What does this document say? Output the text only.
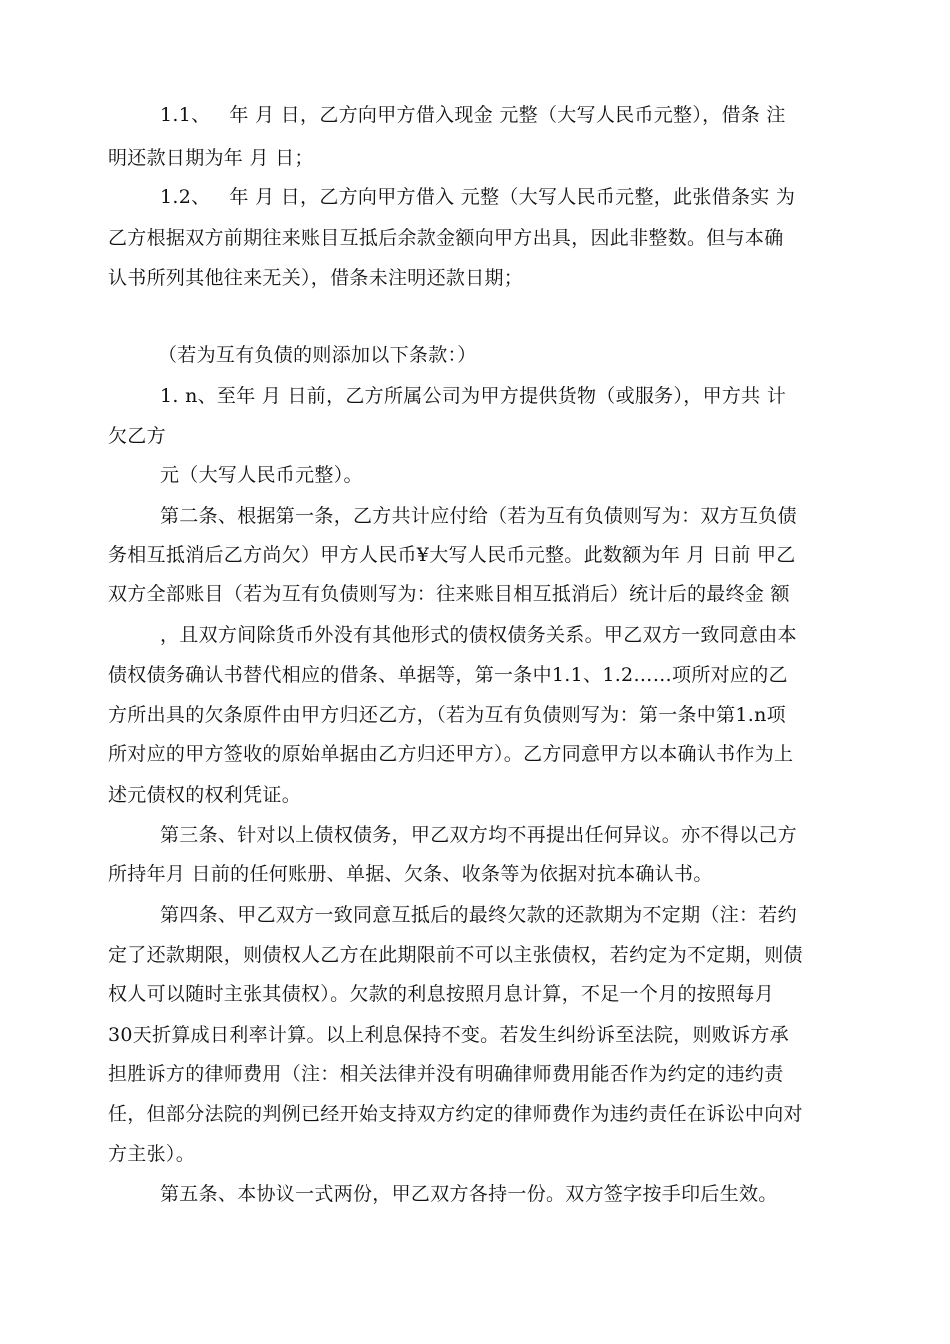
1.1、   年 月 日，乙方向甲方借入现金 元整（大写人民币元整），借条 注
明还款日期为年 月 日；
1.2、   年 月 日，乙方向甲方借入 元整（大写人民币元整，此张借条实 为
乙方根据双方前期往来账目互抵后余款金额向甲方出具，因此非整数。但与本确
认书所列其他往来无关），借条未注明还款日期；
（若为互有负债的则添加以下条款：）
1. n、至年 月 日前，乙方所属公司为甲方提供货物（或服务），甲方共 计
欠乙方
元（大写人民币元整）。
第二条、根据第一条，乙方共计应付给（若为互有负债则写为：双方互负债
务相互抵消后乙方尚欠）甲方人民币¥大写人民币元整。此数额为年 月 日前 甲乙
双方全部账目（若为互有负债则写为：往来账目相互抵消后）统计后的最终金 额
，且双方间除货币外没有其他形式的债权债务关系。甲乙双方一致同意由本
债权债务确认书替代相应的借条、单据等，第一条中1.1、1.2……项所对应的乙
方所出具的欠条原件由甲方归还乙方，（若为互有负债则写为：第一条中第1.n项
所对应的甲方签收的原始单据由乙方归还甲方）。乙方同意甲方以本确认书作为上
述元债权的权利凭证。
第三条、针对以上债权债务，甲乙双方均不再提出任何异议。亦不得以己方
所持年月 日前的任何账册、单据、欠条、收条等为依据对抗本确认书。
第四条、甲乙双方一致同意互抵后的最终欠款的还款期为不定期（注：若约
定了还款期限，则债权人乙方在此期限前不可以主张债权，若约定为不定期，则债
权人可以随时主张其债权）。欠款的利息按照月息计算，不足一个月的按照每月
30天折算成日利率计算。以上利息保持不变。若发生纠纷诉至法院，则败诉方承
担胜诉方的律师费用（注：相关法律并没有明确律师费用能否作为约定的违约责
任，但部分法院的判例已经开始支持双方约定的律师费作为违约责任在诉讼中向对
方主张）。
第五条、本协议一式两份，甲乙双方各持一份。双方签字按手印后生效。
